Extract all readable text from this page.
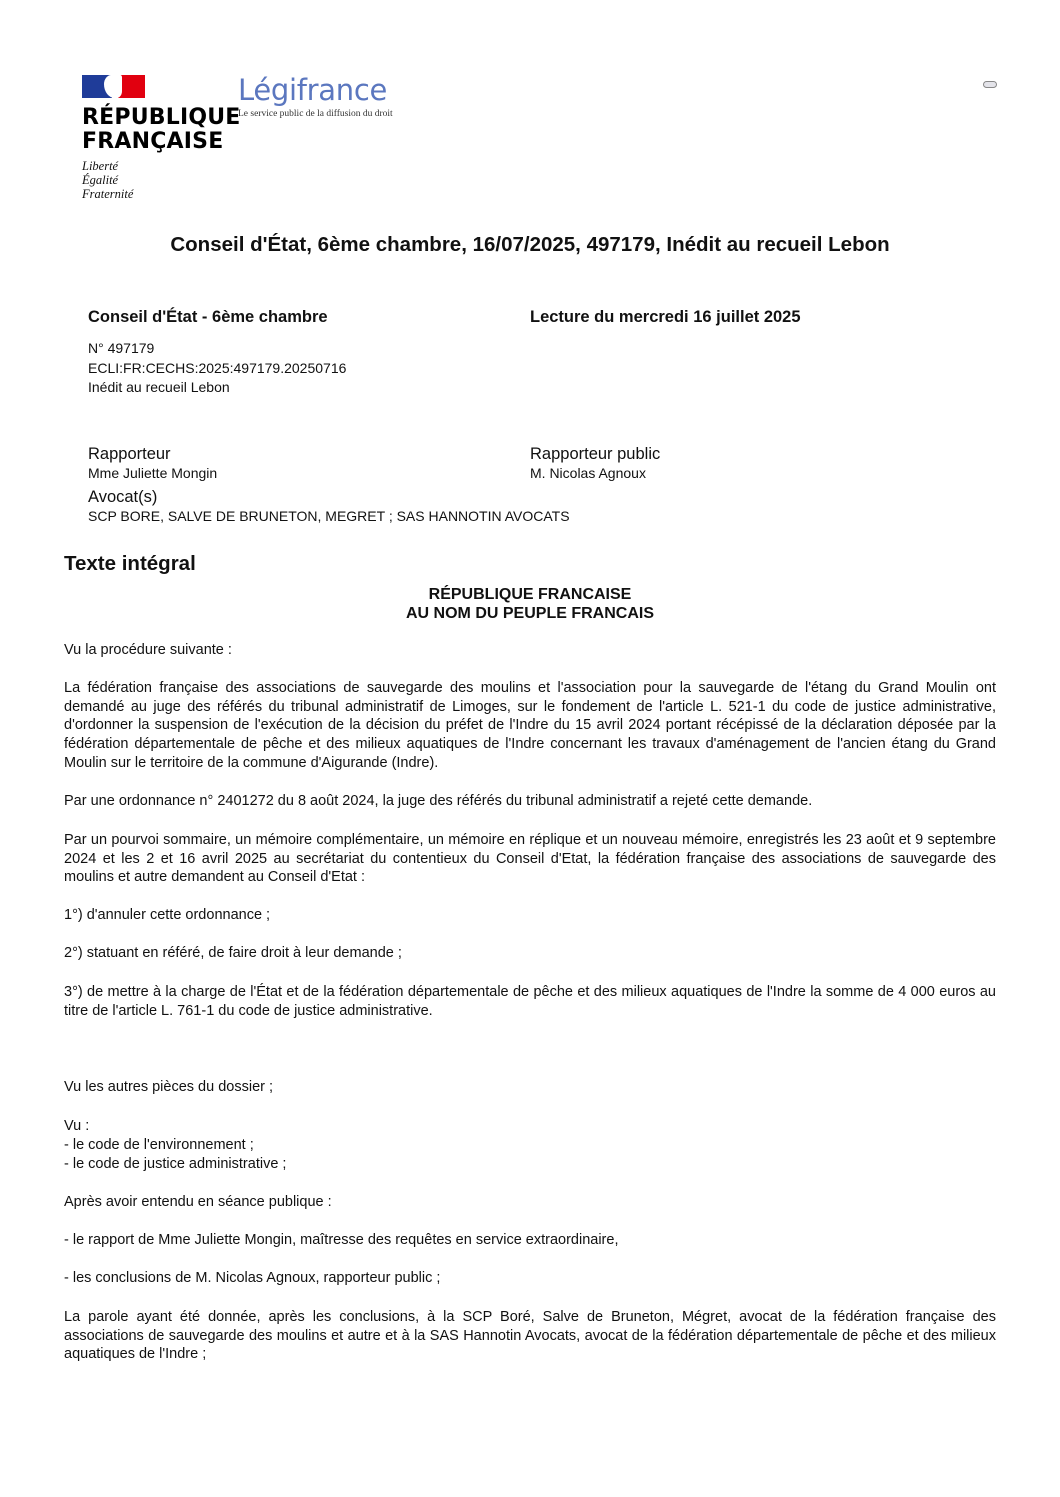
RÉPUBLIQUE
FRANÇAISE
Liberté
Égalité
Fraternité
Légifrance
Le service public de la diffusion du droit
Conseil d'État, 6ème chambre, 16/07/2025, 497179, Inédit au recueil Lebon
Conseil d'État - 6ème chambre
N° 497179
ECLI:FR:CECHS:2025:497179.20250716
Inédit au recueil Lebon
Lecture du mercredi 16 juillet 2025
Rapporteur
Mme Juliette Mongin
Rapporteur public
M. Nicolas Agnoux
Avocat(s)
SCP BORE, SALVE DE BRUNETON, MEGRET ; SAS HANNOTIN AVOCATS
Texte intégral
RÉPUBLIQUE FRANCAISE
AU NOM DU PEUPLE FRANCAIS
Vu la procédure suivante :
La fédération française des associations de sauvegarde des moulins et l'association pour la sauvegarde de l'étang du Grand Moulin ont demandé au juge des référés du tribunal administratif de Limoges, sur le fondement de l'article L. 521-1 du code de justice administrative, d'ordonner la suspension de l'exécution de la décision du préfet de l'Indre du 15 avril 2024 portant récépissé de la déclaration déposée par la fédération départementale de pêche et des milieux aquatiques de l'Indre concernant les travaux d'aménagement de l'ancien étang du Grand Moulin sur le territoire de la commune d'Aigurande (Indre).
Par une ordonnance n° 2401272 du 8 août 2024, la juge des référés du tribunal administratif a rejeté cette demande.
Par un pourvoi sommaire, un mémoire complémentaire, un mémoire en réplique et un nouveau mémoire, enregistrés les 23 août et 9 septembre 2024 et les 2 et 16 avril 2025 au secrétariat du contentieux du Conseil d'Etat, la fédération française des associations de sauvegarde des moulins et autre demandent au Conseil d'Etat :
1°) d'annuler cette ordonnance ;
2°) statuant en référé, de faire droit à leur demande ;
3°) de mettre à la charge de l'État et de la fédération départementale de pêche et des milieux aquatiques de l'Indre la somme de 4 000 euros au titre de l'article L. 761-1 du code de justice administrative.
Vu les autres pièces du dossier ;
Vu :
- le code de l'environnement ;
- le code de justice administrative ;
Après avoir entendu en séance publique :
- le rapport de Mme Juliette Mongin, maîtresse des requêtes en service extraordinaire,
- les conclusions de M. Nicolas Agnoux, rapporteur public ;
La parole ayant été donnée, après les conclusions, à la SCP Boré, Salve de Bruneton, Mégret, avocat de la fédération française des associations de sauvegarde des moulins et autre et à la SAS Hannotin Avocats, avocat de la fédération départementale de pêche et des milieux aquatiques de l'Indre ;
